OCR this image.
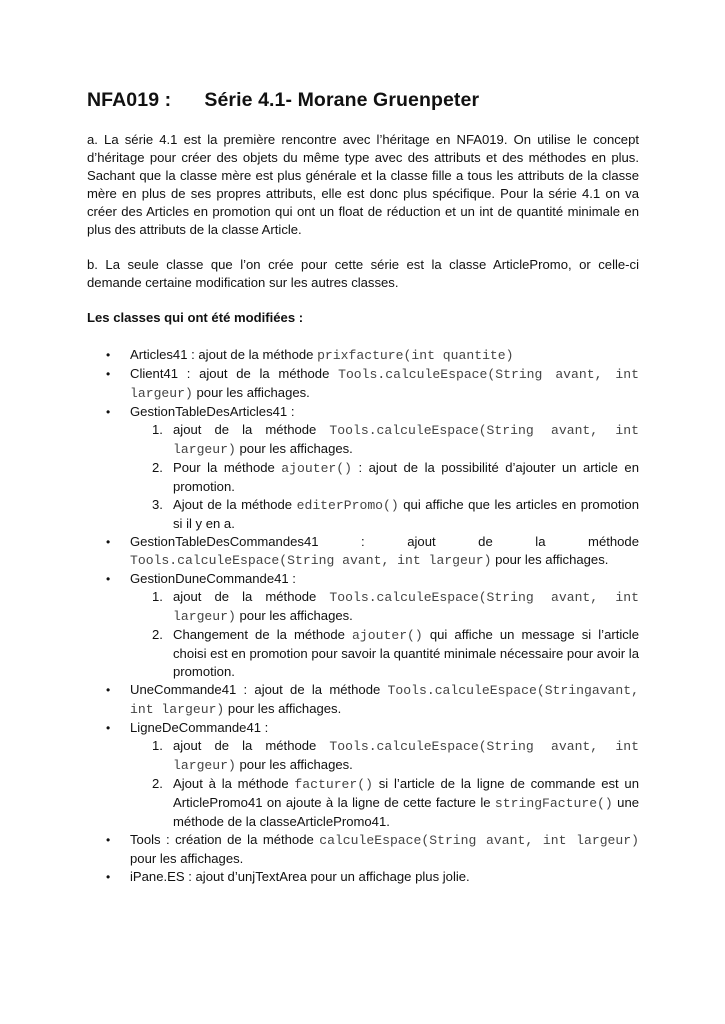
NFA019 :      Série 4.1- Morane Gruenpeter

a. La série 4.1 est la première rencontre avec l’héritage en NFA019. On utilise le concept d’héritage pour créer des objets du même type avec des attributs et des méthodes en plus. Sachant que la classe mère est plus générale et la classe fille a tous les attributs de la classe mère en plus de ses propres attributs, elle est donc plus spécifique. Pour la série 4.1 on va créer des Articles en promotion qui ont un float de réduction et un int de quantité minimale en plus des attributs de la classe Article.

b. La seule classe que l’on crée pour cette série est la classe ArticlePromo, or celle-ci demande certaine modification sur les autres classes.

Les classes qui ont été modifiées :

• Articles41 : ajout de la méthode prixfacture(int quantite)
• Client41 : ajout de la méthode Tools.calculeEspace(String avant, int largeur) pour les affichages.
• GestionTableDesArticles41 :
1. ajout de la méthode Tools.calculeEspace(String avant, int largeur) pour les affichages.
2. Pour la méthode ajouter() : ajout de la possibilité d’ajouter un article en promotion.
3. Ajout de la méthode editerPromo() qui affiche que les articles en promotion si il y en a.
• GestionTableDesCommandes41 : ajout de la méthode Tools.calculeEspace(String avant, int largeur) pour les affichages.
• GestionDuneCommande41 :
1. ajout de la méthode Tools.calculeEspace(String avant, int largeur) pour les affichages.
2. Changement de la méthode ajouter() qui affiche un message si l’article choisi est en promotion pour savoir la quantité minimale nécessaire pour avoir la promotion.
• UneCommande41 : ajout de la méthode Tools.calculeEspace(Stringavant, int largeur) pour les affichages.
• LigneDeCommande41 :
1. ajout de la méthode Tools.calculeEspace(String avant, int largeur) pour les affichages.
2. Ajout à la méthode facturer() si l’article de la ligne de commande est un ArticlePromo41 on ajoute à la ligne de cette facture le stringFacture() une méthode de la classeArticlePromo41.
• Tools : création de la méthode calculeEspace(String avant, int largeur) pour les affichages.
• iPane.ES : ajout d’unjTextArea pour un affichage plus jolie.
